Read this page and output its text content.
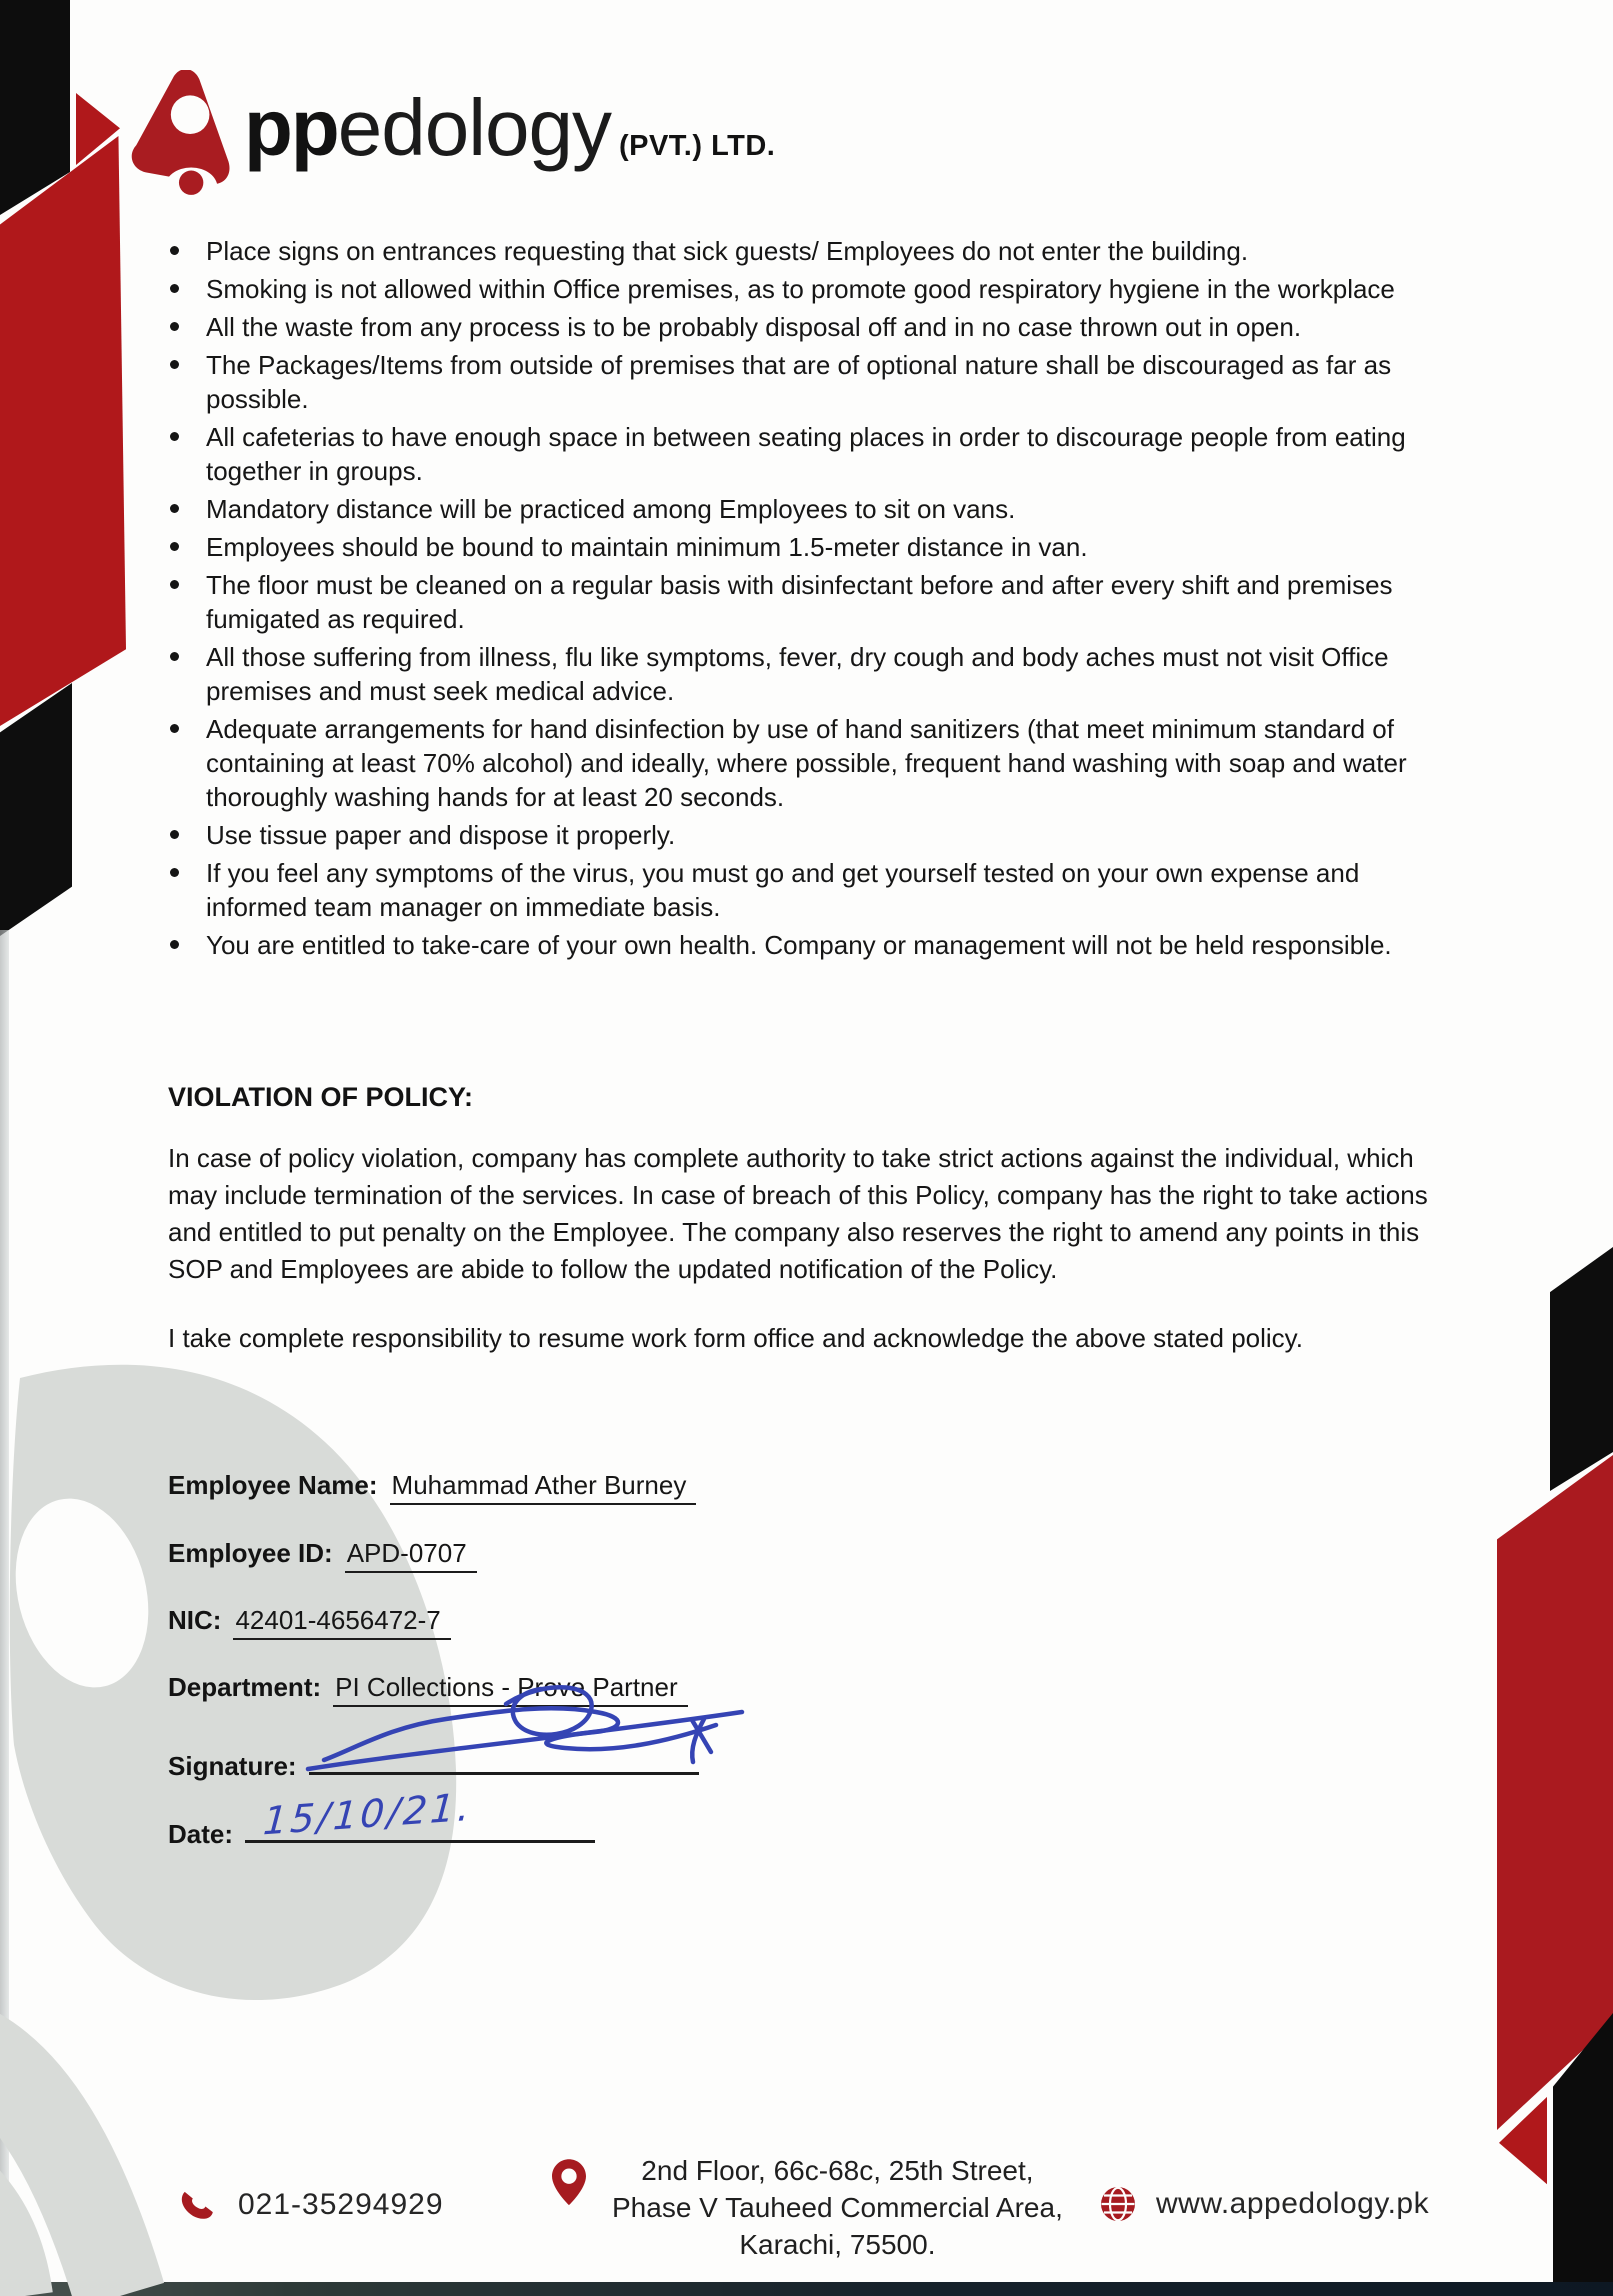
pp edology (PVT.) LTD.
Place signs on entrances requesting that sick guests/ Employees do not enter the building.
Smoking is not allowed within Office premises, as to promote good respiratory hygiene in the workplace
All the waste from any process is to be probably disposal off and in no case thrown out in open.
The Packages/Items from outside of premises that are of optional nature shall be discouraged as far as possible.
All cafeterias to have enough space in between seating places in order to discourage people from eating together in groups.
Mandatory distance will be practiced among Employees to sit on vans.
Employees should be bound to maintain minimum 1.5-meter distance in van.
The floor must be cleaned on a regular basis with disinfectant before and after every shift and premises fumigated as required.
All those suffering from illness, flu like symptoms, fever, dry cough and body aches must not visit Office premises and must seek medical advice.
Adequate arrangements for hand disinfection by use of hand sanitizers (that meet minimum standard of containing at least 70% alcohol) and ideally, where possible, frequent hand washing with soap and water thoroughly washing hands for at least 20 seconds.
Use tissue paper and dispose it properly.
If you feel any symptoms of the virus, you must go and get yourself tested on your own expense and informed team manager on immediate basis.
You are entitled to take-care of your own health. Company or management will not be held responsible.
VIOLATION OF POLICY:
In case of policy violation, company has complete authority to take strict actions against the individual, which may include termination of the services. In case of breach of this Policy, company has the right to take actions and entitled to put penalty on the Employee. The company also reserves the right to amend any points in this SOP and Employees are abide to follow the updated notification of the Policy.
I take complete responsibility to resume work form office and acknowledge the above stated policy.
Employee Name: Muhammad Ather Burney
Employee ID: APD-0707
NIC: 42401-4656472-7
Department: PI Collections - Prove Partner
Signature:
Date: 15/10/21.
021-35294929
2nd Floor, 66c-68c, 25th Street,
Phase V Tauheed Commercial Area,
Karachi, 75500.
www.appedology.pk
